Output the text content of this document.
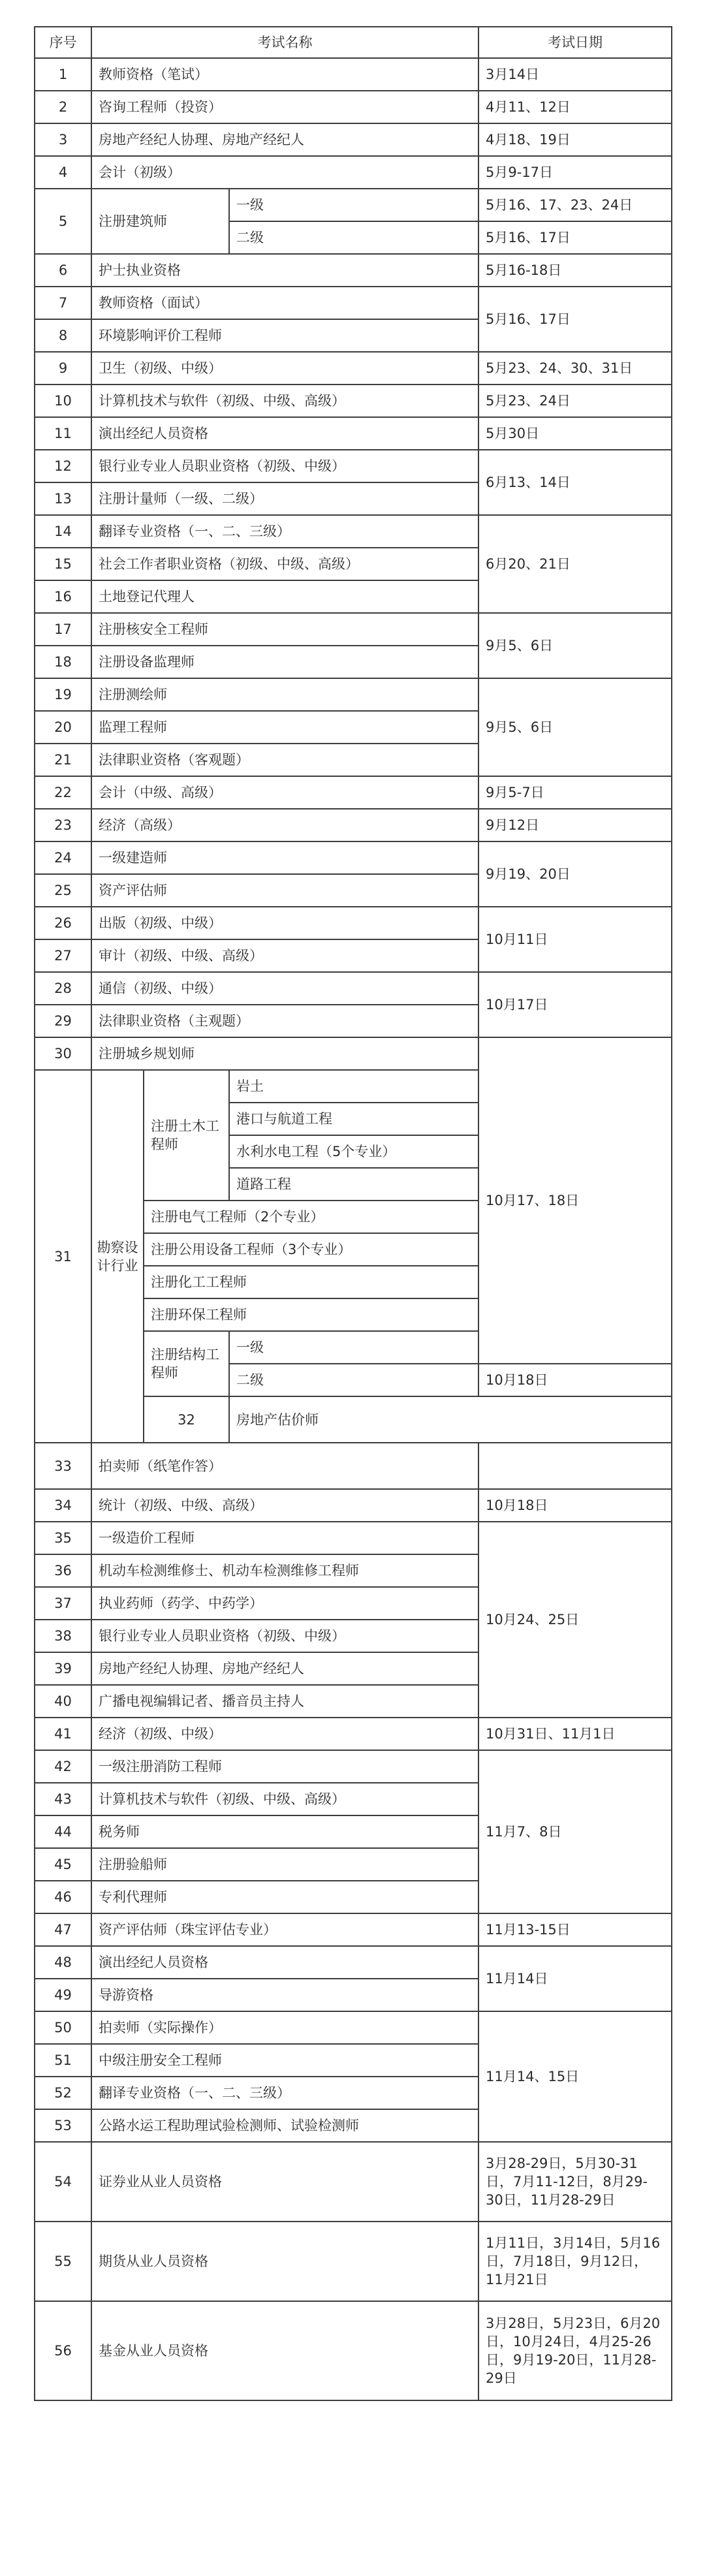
序号	考试名称			考试日期	
1	教师资格（笔试）			3月14日	
2	咨询工程师（投资）			4月11、12日	
3	房地产经纪人协理、房地产经纪人			4月18、19日	
4	会计（初级）			5月9-17日	
5	注册建筑师		一级	5月16、17、23、24日	
			二级	5月16、17日	
6	护士执业资格			5月16-18日	
7	教师资格（面试）			5月16、17日	
8	环境影响评价工程师				
9	卫生（初级、中级）			5月23、24、30、31日	
10	计算机技术与软件（初级、中级、高级）			5月23、24日	
11	演出经纪人员资格			5月30日	
12	银行业专业人员职业资格（初级、中级）			6月13、14日	
13	注册计量师（一级、二级）				
14	翻译专业资格（一、二、三级）			6月20、21日	
15	社会工作者职业资格（初级、中级、高级）				
16	土地登记代理人				
17	注册核安全工程师			9月5、6日	
18	注册设备监理师				
19	注册测绘师			9月5、6日	
20	监理工程师				
21	法律职业资格（客观题）				
22	会计（中级、高级）			9月5-7日	
23	经济（高级）			9月12日	
24	一级建造师			9月19、20日	
25	资产评估师				
26	出版（初级、中级）			10月11日	
27	审计（初级、中级、高级）				
28	通信（初级、中级）			10月17日	
29	法律职业资格（主观题）				
30	注册城乡规划师			10月17、18日	
31	勘察设计行业	注册土木工程师	岩土		
			港口与航道工程		
			水利水电工程（5个专业）		
			道路工程		
		注册电气工程师（2个专业）			
		注册公用设备工程师（3个专业）			
		注册化工工程师			
		注册环保工程师			
		注册结构工程师	一级		
			二级	10月18日	
		32	房地产估价师	
33	拍卖师（纸笔作答）				
34	统计（初级、中级、高级）			10月18日	
35	一级造价工程师			10月24、25日	
36	机动车检测维修士、机动车检测维修工程师				
37	执业药师（药学、中药学）				
38	银行业专业人员职业资格（初级、中级）				
39	房地产经纪人协理、房地产经纪人				
40	广播电视编辑记者、播音员主持人				
41	经济（初级、中级）			10月31日、11月1日	
42	一级注册消防工程师			11月7、8日	
43	计算机技术与软件（初级、中级、高级）				
44	税务师				
45	注册验船师				
46	专利代理师				
47	资产评估师（珠宝评估专业）			11月13-15日	
48	演出经纪人员资格			11月14日	
49	导游资格				
50	拍卖师（实际操作）			11月14、15日	
51	中级注册安全工程师				
52	翻译专业资格（一、二、三级）				
53	公路水运工程助理试验检测师、试验检测师				
54	证券业从业人员资格			3月28-29日，5月30-31日，7月11-12日，8月29-30日，11月28-29日	
55	期货从业人员资格			1月11日，3月14日，5月16日，7月18日，9月12日，11月21日	
56	基金从业人员资格			3月28日，5月23日，6月20日，10月24日，4月25-26日，9月19-20日，11月28-29日	
